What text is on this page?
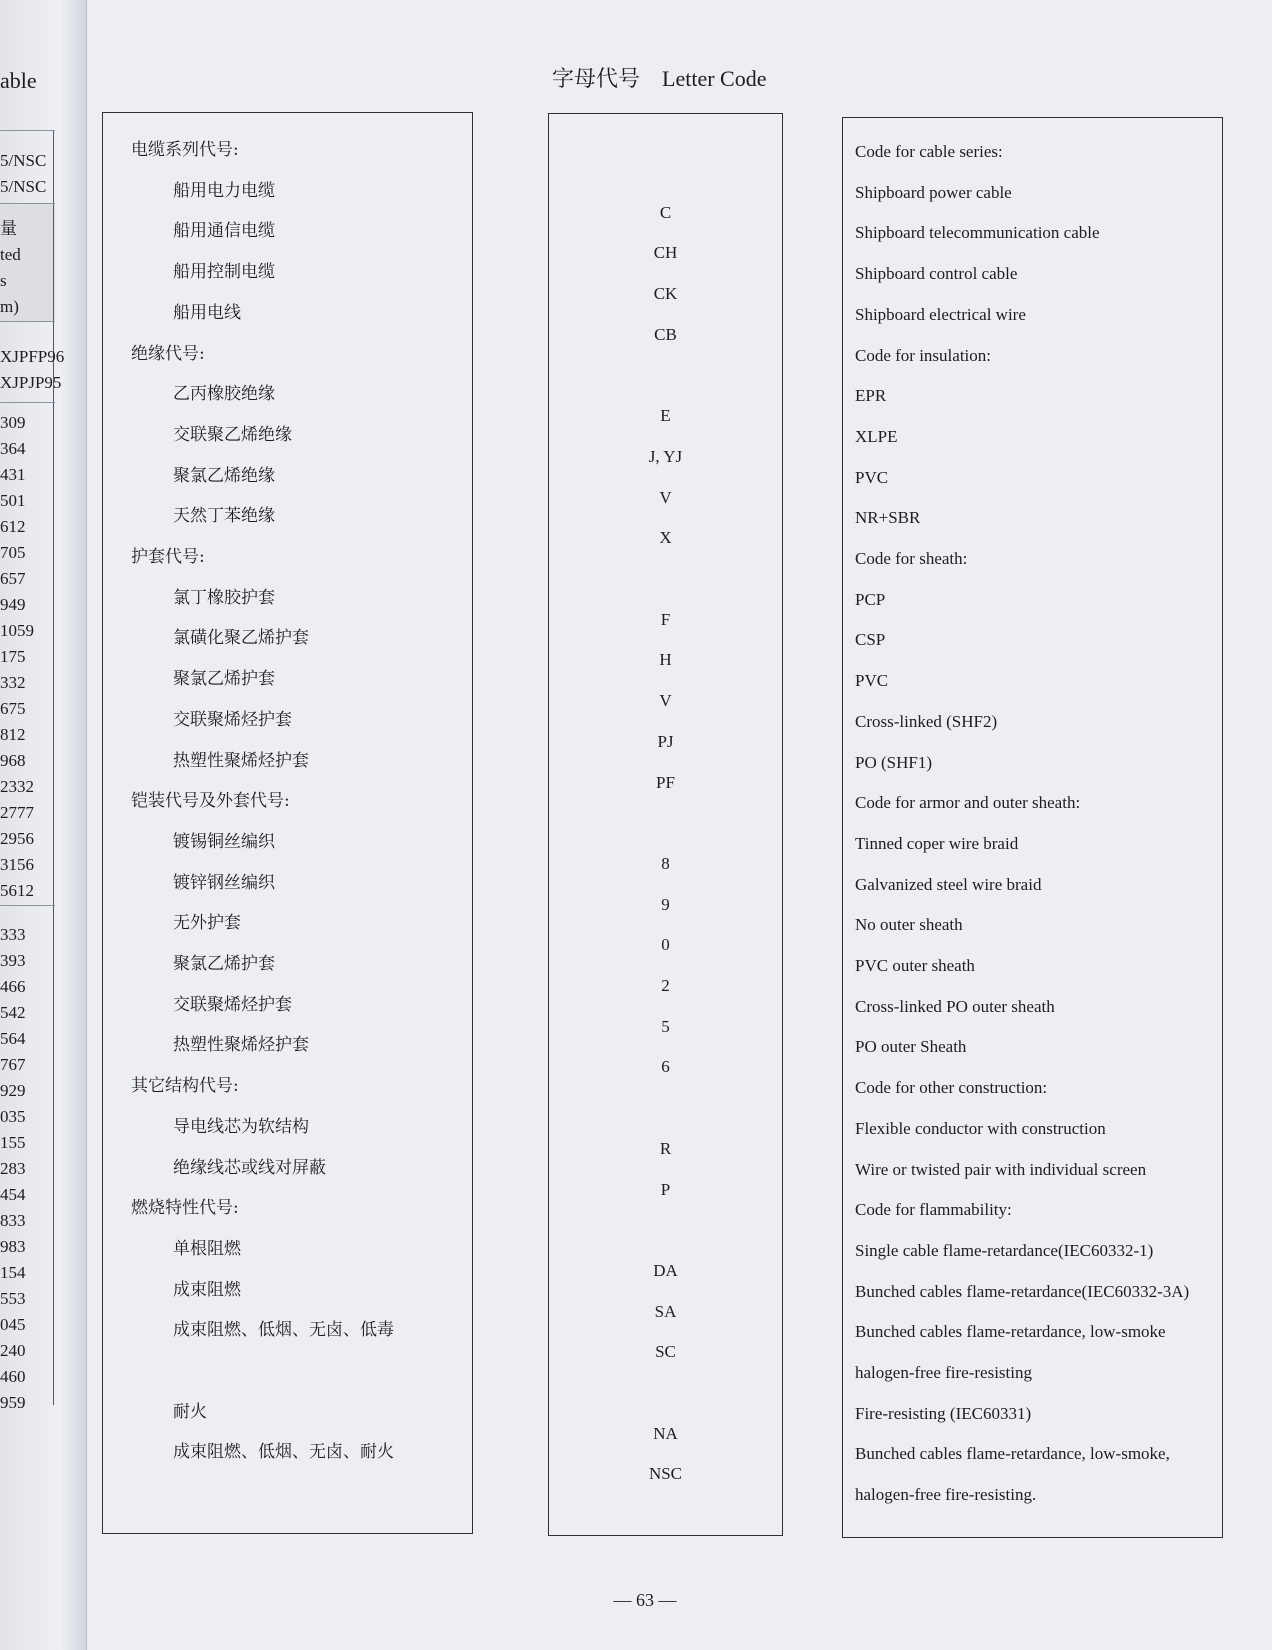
able
5/NSC
5/NSC
量
ted
s
m)
XJPFP96
XJPJP95
309
364
431
501
612
705
657
949
1059
175
332
675
812
968
2332
2777
2956
3156
5612
333
393
466
542
564
767
929
035
155
283
454
833
983
154
553
045
240
460
959
字母代号 Letter Code
电缆系列代号:
船用电力电缆
船用通信电缆
船用控制电缆
船用电线
绝缘代号:
乙丙橡胶绝缘
交联聚乙烯绝缘
聚氯乙烯绝缘
天然丁苯绝缘
护套代号:
氯丁橡胶护套
氯磺化聚乙烯护套
聚氯乙烯护套
交联聚烯烃护套
热塑性聚烯烃护套
铠装代号及外套代号:
镀锡铜丝编织
镀锌钢丝编织
无外护套
聚氯乙烯护套
交联聚烯烃护套
热塑性聚烯烃护套
其它结构代号:
导电线芯为软结构
绝缘线芯或线对屏蔽
燃烧特性代号:
单根阻燃
成束阻燃
成束阻燃、低烟、无卤、低毒
耐火
成束阻燃、低烟、无卤、耐火
C
CH
CK
CB
E
J, YJ
V
X
F
H
V
PJ
PF
8
9
0
2
5
6
R
P
DA
SA
SC
NA
NSC
Code for cable series:
Shipboard power cable
Shipboard telecommunication cable
Shipboard control cable
Shipboard electrical wire
Code for insulation:
EPR
XLPE
PVC
NR+SBR
Code for sheath:
PCP
CSP
PVC
Cross-linked (SHF2)
PO (SHF1)
Code for armor and outer sheath:
Tinned coper wire braid
Galvanized steel wire braid
No outer sheath
PVC outer sheath
Cross-linked PO outer sheath
PO outer Sheath
Code for other construction:
Flexible conductor with construction
Wire or twisted pair with individual screen
Code for flammability:
Single cable flame-retardance(IEC60332-1)
Bunched cables flame-retardance(IEC60332-3A)
Bunched cables flame-retardance, low-smoke
halogen-free fire-resisting
Fire-resisting (IEC60331)
Bunched cables flame-retardance, low-smoke,
halogen-free fire-resisting.
— 63 —
